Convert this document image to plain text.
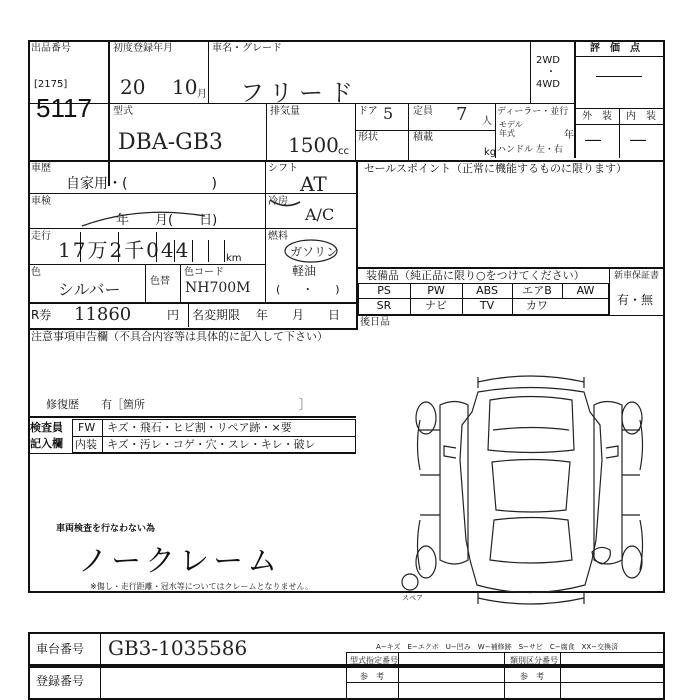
出品番号
[2175]
5117
初度登録年月
20 10 月
車名・グレード
フリード
2WD
・
4WD
評　価　点
外　装 内　装
― ―
型式
DBA-GB3
排気量
1500 cc
ドア 5 定員 7 人
形状	積載
kg
ディーラー・並行
モデル
年式	年
ハンドル 左・右
車歴
自家用・(　　　　　　)
シフト
AT
車検
年　　月(　　日)
冷房
A/C
走行
17万2千044	km
燃料
ガソリン
軽油
(　　・　　)
色
シルバー	色替
色コード
NH700M
R券 11860	円 名変期限 年　　月　　日
セールスポイント（正常に機能するものに限ります）
装備品（純正品に限り○をつけてください）	新車保証書
有・無
PS	PW	ABS	エアB	AW
SR	ナビ	TV	カワ
後日品
注意事項申告欄（不具合内容等は具体的に記入して下さい）
修復歴　　有［箇所　　　　　　　　　　　　　　］
検査員
記入欄
FW キズ・飛石・ヒビ割・リペア跡・×要
内装 キズ・汚レ・コゲ・穴・スレ・キレ・破レ
車両検査を行なわない為
ノークレーム
※傷し・走行距離・冠水等についてはクレームとなりません。
スペア
車台番号 GB3-1035586	A−キズ　E−エクボ　U−凹み　W−補修跡　S−サビ　C−腐食　XX−交換済
登録番号
型式指定番号
参　考
類別区分番号
参　考
